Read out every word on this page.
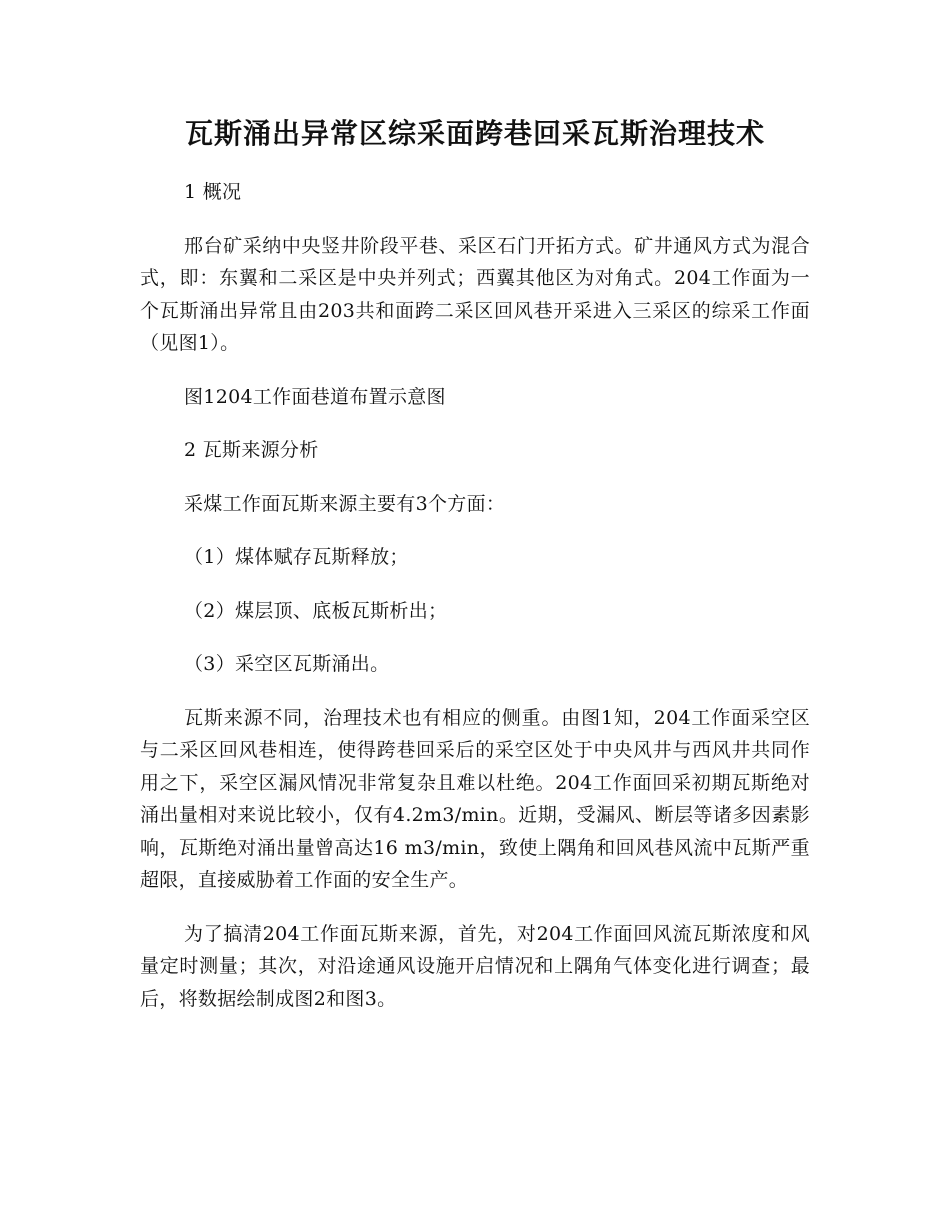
瓦斯涌出异常区综采面跨巷回采瓦斯治理技术

1 概况

邢台矿采纳中央竖井阶段平巷、采区石门开拓方式。矿井通风方式为混合式，即：东翼和二采区是中央并列式；西翼其他区为对角式。204工作面为一个瓦斯涌出异常且由203共和面跨二采区回风巷开采进入三采区的综采工作面（见图1）。

图1204工作面巷道布置示意图

2 瓦斯来源分析

采煤工作面瓦斯来源主要有3个方面：

（1）煤体赋存瓦斯释放；

（2）煤层顶、底板瓦斯析出；

（3）采空区瓦斯涌出。

瓦斯来源不同，治理技术也有相应的侧重。由图1知，204工作面采空区与二采区回风巷相连，使得跨巷回采后的采空区处于中央风井与西风井共同作用之下，采空区漏风情况非常复杂且难以杜绝。204工作面回采初期瓦斯绝对涌出量相对来说比较小，仅有4.2m3/min。近期，受漏风、断层等诸多因素影响，瓦斯绝对涌出量曾高达16 m3/min，致使上隅角和回风巷风流中瓦斯严重超限，直接威胁着工作面的安全生产。

为了搞清204工作面瓦斯来源，首先，对204工作面回风流瓦斯浓度和风量定时测量；其次，对沿途通风设施开启情况和上隅角气体变化进行调查；最后，将数据绘制成图2和图3。
